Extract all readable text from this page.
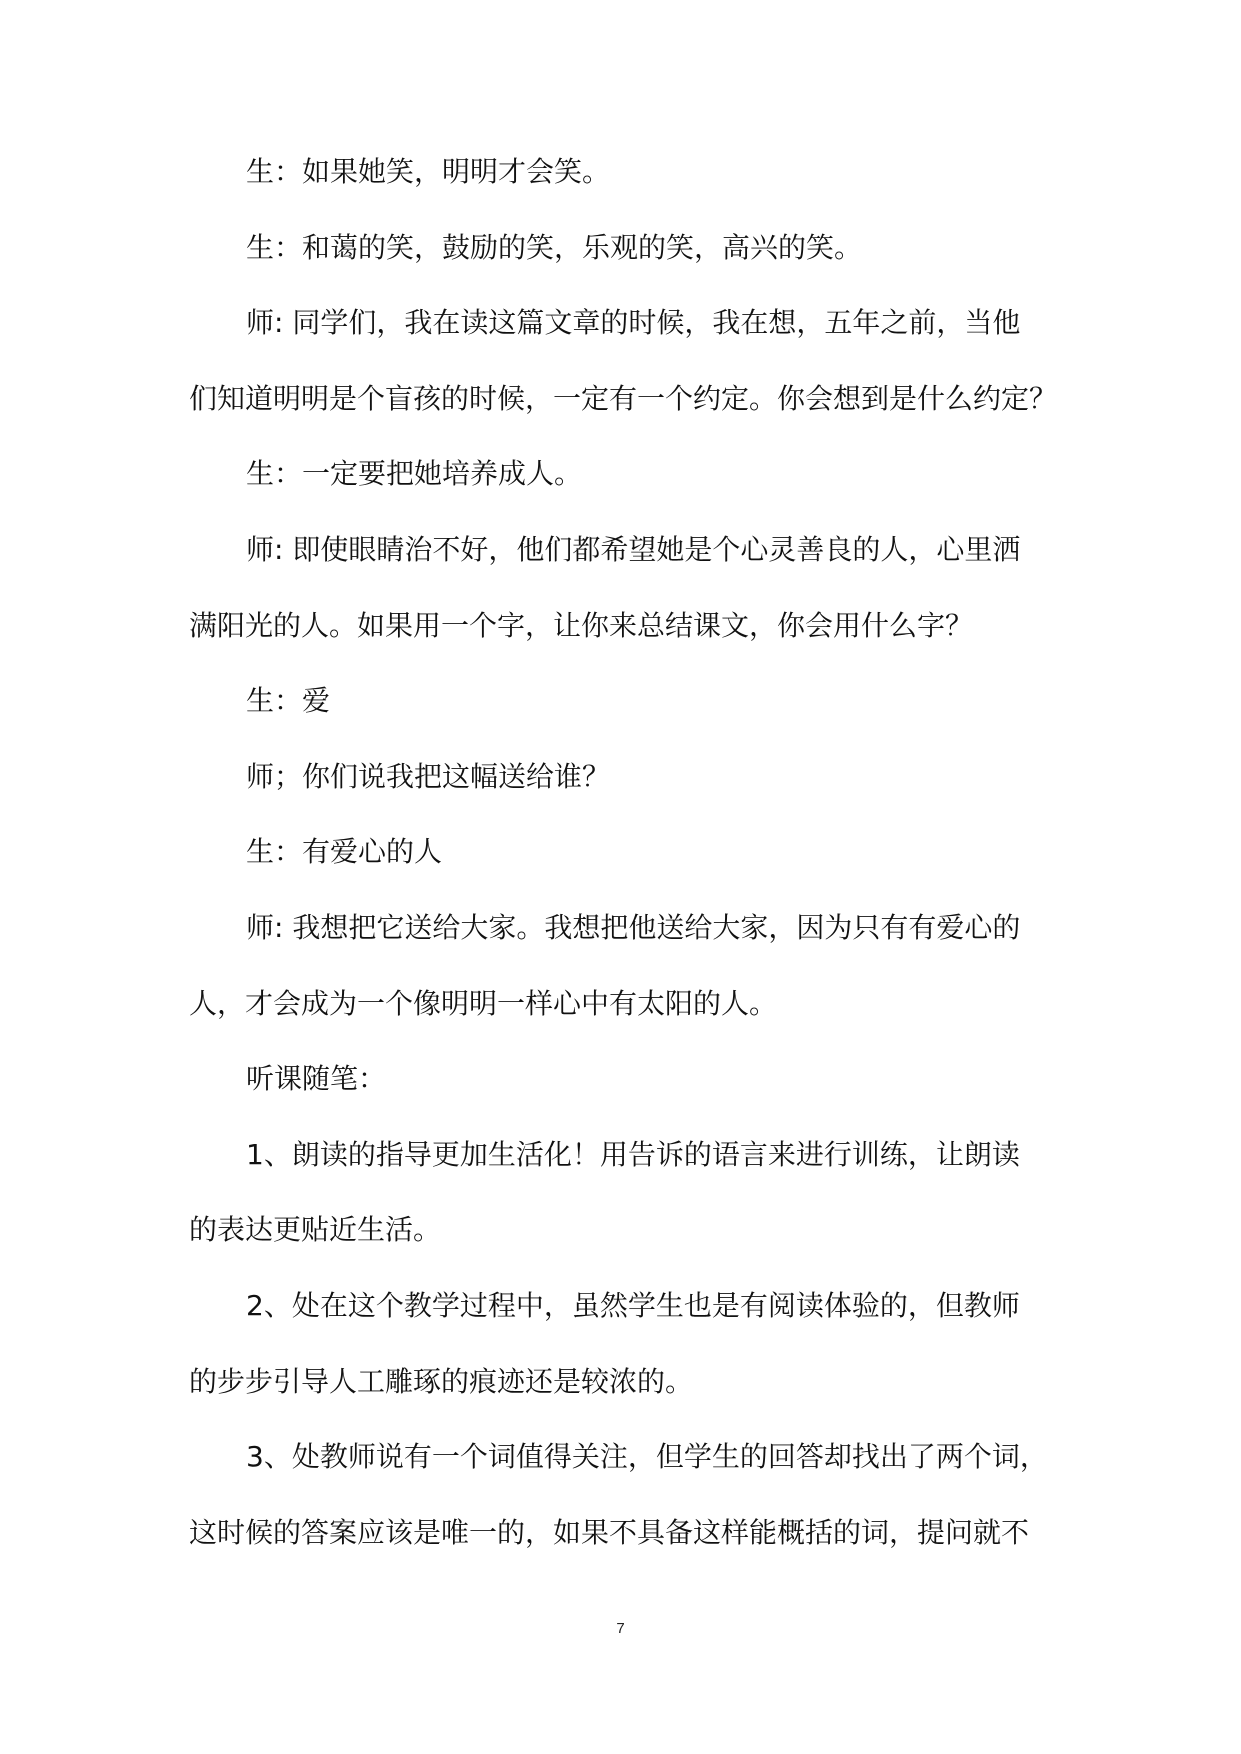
生：如果她笑，明明才会笑。
生：和蔼的笑，鼓励的笑，乐观的笑，高兴的笑。
师: 同学们，我在读这篇文章的时候，我在想，五年之前，当他
们知道明明是个盲孩的时候，一定有一个约定。你会想到是什么约定？
生：一定要把她培养成人。
师: 即使眼睛治不好，他们都希望她是个心灵善良的人，心里洒
满阳光的人。如果用一个字，让你来总结课文，你会用什么字？
生：爱
师；你们说我把这幅送给谁？
生：有爱心的人
师: 我想把它送给大家。我想把他送给大家，因为只有有爱心的
人，才会成为一个像明明一样心中有太阳的人。
听课随笔：
1、朗读的指导更加生活化！用告诉的语言来进行训练，让朗读
的表达更贴近生活。
2、处在这个教学过程中，虽然学生也是有阅读体验的，但教师
的步步引导人工雕琢的痕迹还是较浓的。
3、处教师说有一个词值得关注，但学生的回答却找出了两个词，
这时候的答案应该是唯一的，如果不具备这样能概括的词，提问就不
7
